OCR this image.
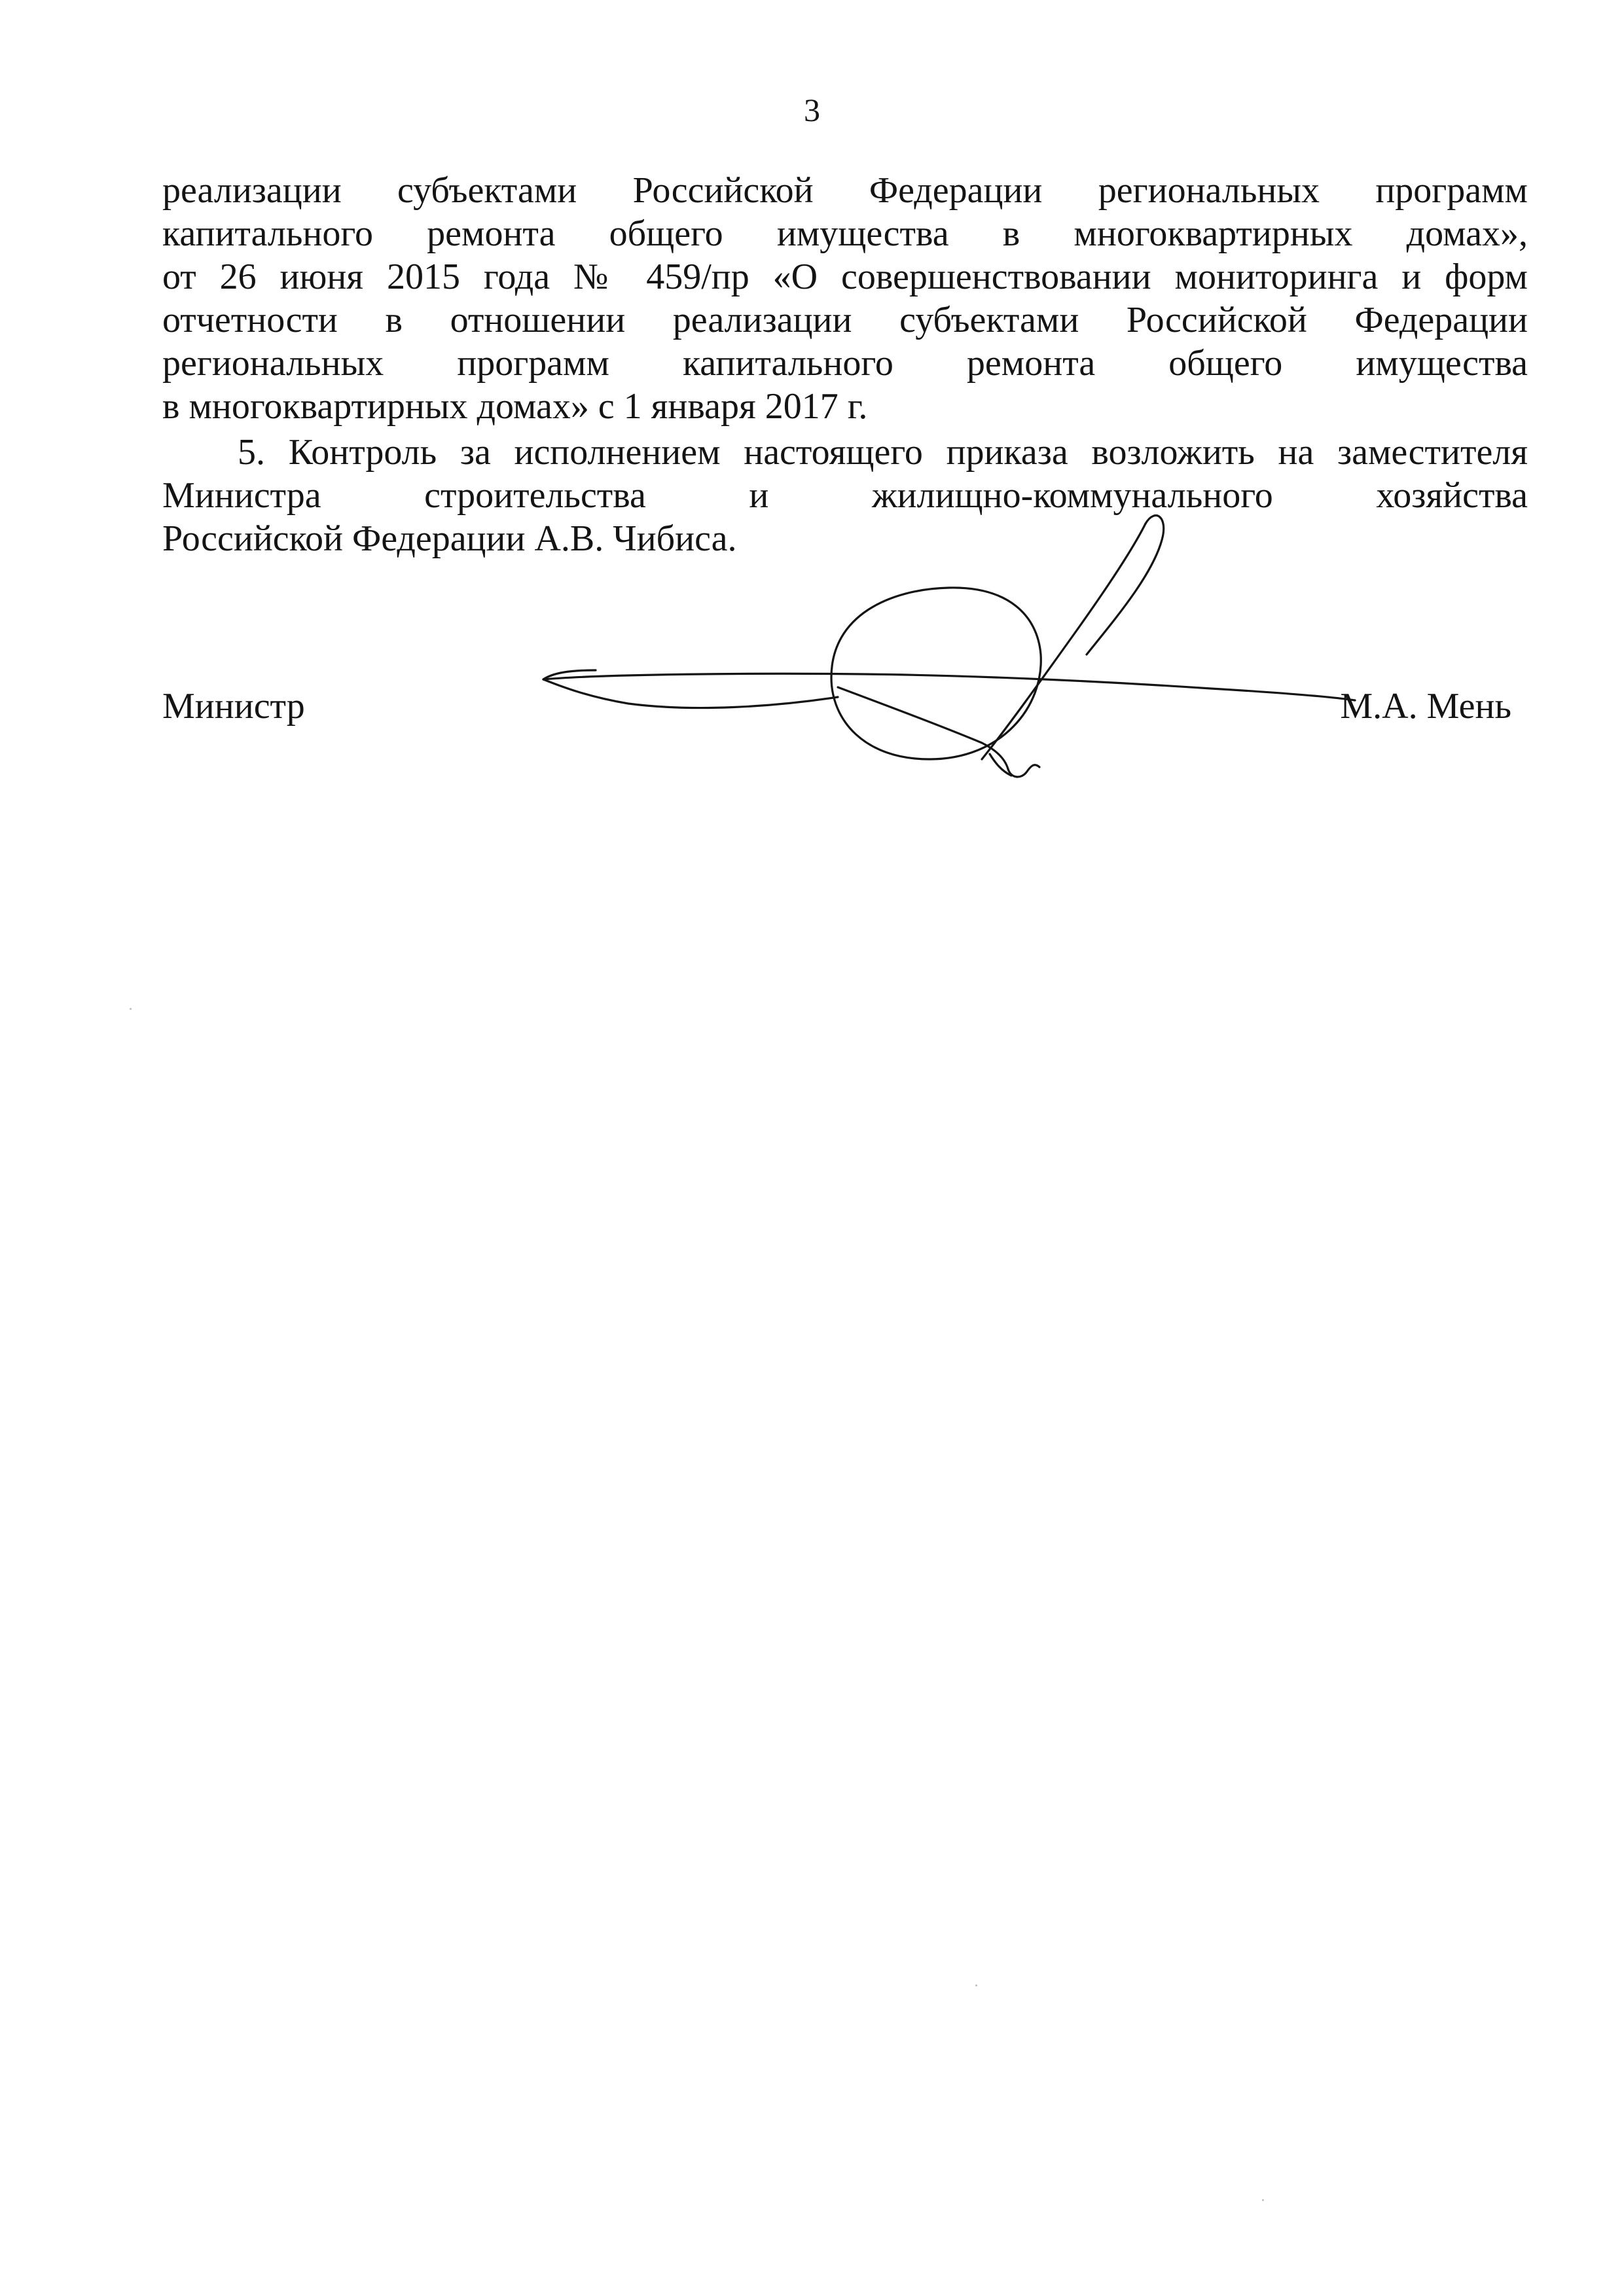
3
реализации субъектами Российской Федерации региональных программ
капитального ремонта общего имущества в многоквартирных домах»,
от 26 июня 2015 года № 459/пр «О совершенствовании мониторинга и форм
отчетности в отношении реализации субъектами Российской Федерации
региональных программ капитального ремонта общего имущества
в многоквартирных домах» с 1 января 2017 г.
5. Контроль за исполнением настоящего приказа возложить на заместителя
Министра строительства и жилищно-коммунального хозяйства
Российской Федерации А.В. Чибиса.
Министр	М.А. Мень
